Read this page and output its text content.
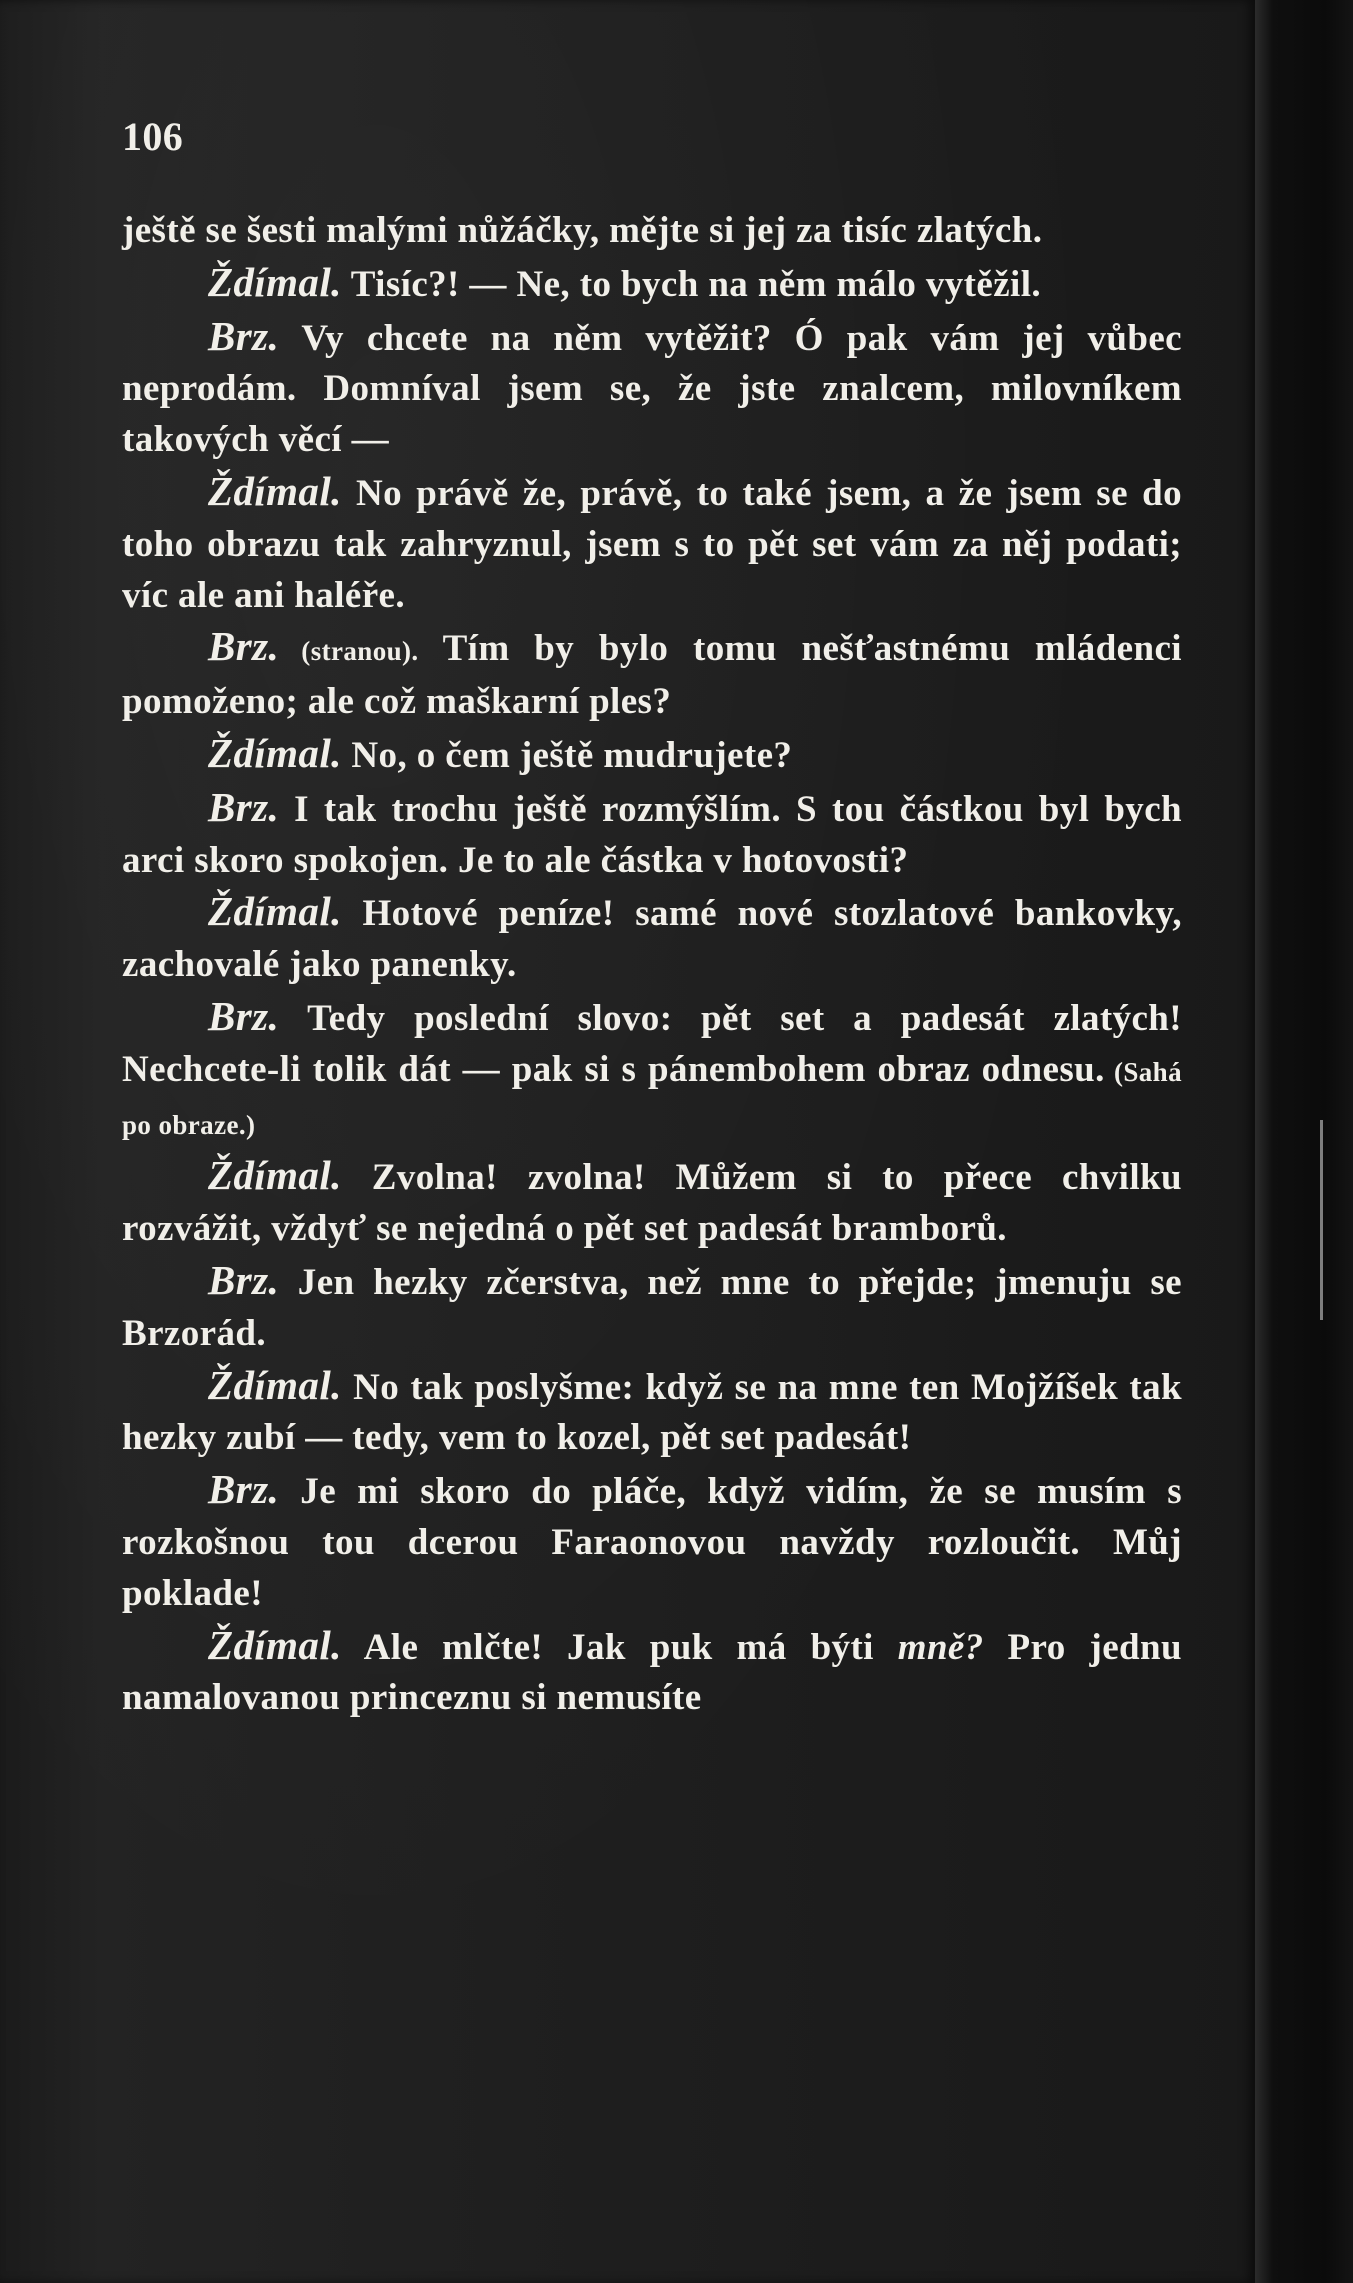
106

ještě se šesti malými nůžáčky, mějte si jej za tisíc zlatých.

Ždímal. Tisíc?! — Ne, to bych na něm málo vytěžil.

Brz. Vy chcete na něm vytěžit? Ó pak vám jej vůbec neprodám. Domníval jsem se, že jste znalcem, milovníkem takových věcí —

Ždímal. No právě že, právě, to také jsem, a že jsem se do toho obrazu tak zahryznul, jsem s to pět set vám za něj podati; víc ale ani haléře.

Brz. (stranou). Tím by bylo tomu nešťastnému mládenci pomoženo; ale což maškarní ples?

Ždímal. No, o čem ještě mudrujete?

Brz. I tak trochu ještě rozmýšlím. S tou částkou byl bych arci skoro spokojen. Je to ale částka v hotovosti?

Ždímal. Hotové peníze! samé nové stozlatové bankovky, zachovalé jako panenky.

Brz. Tedy poslední slovo: pět set a padesát zlatých! Nechcete-li tolik dát — pak si s pánembohem obraz odnesu. (Sahá po obraze.)

Ždímal. Zvolna! zvolna! Můžem si to přece chvilku rozvážit, vždyť se nejedná o pět set padesát bramborů.

Brz. Jen hezky zčerstva, než mne to přejde; jmenuju se Brzorád.

Ždímal. No tak poslyšme: když se na mne ten Mojžíšek tak hezky zubí — tedy, vem to kozel, pět set padesát!

Brz. Je mi skoro do pláče, když vidím, že se musím s rozkošnou tou dcerou Faraonovou navždy rozloučit. Můj poklade!

Ždímal. Ale mlčte! Jak puk má býti mně? Pro jednu namalovanou princeznu si nemusíte
